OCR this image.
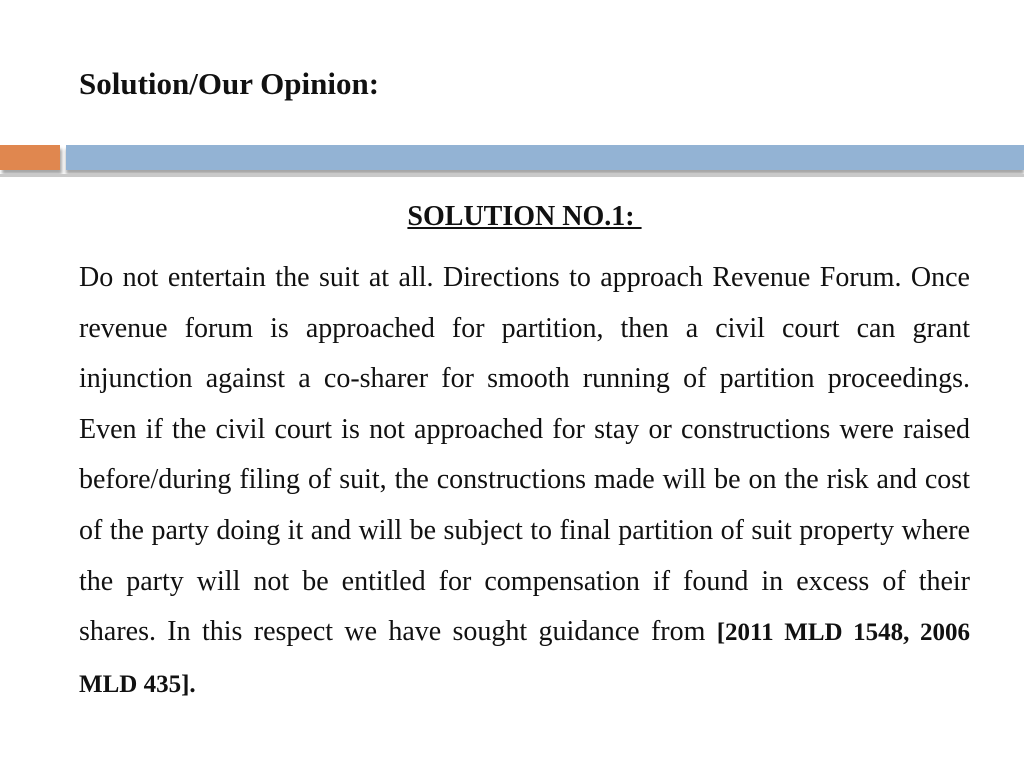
Solution/Our Opinion:
SOLUTION NO.1:

Do not entertain the suit at all. Directions to approach Revenue Forum. Once revenue forum is approached for partition, then a civil court can grant injunction against a co-sharer for smooth running of partition proceedings. Even if the civil court is not approached for stay or constructions were raised before/during filing of suit, the constructions made will be on the risk and cost of the party doing it and will be subject to final partition of suit property where the party will not be entitled for compensation if found in excess of their shares. In this respect we have sought guidance from [2011 MLD 1548, 2006 MLD 435].
